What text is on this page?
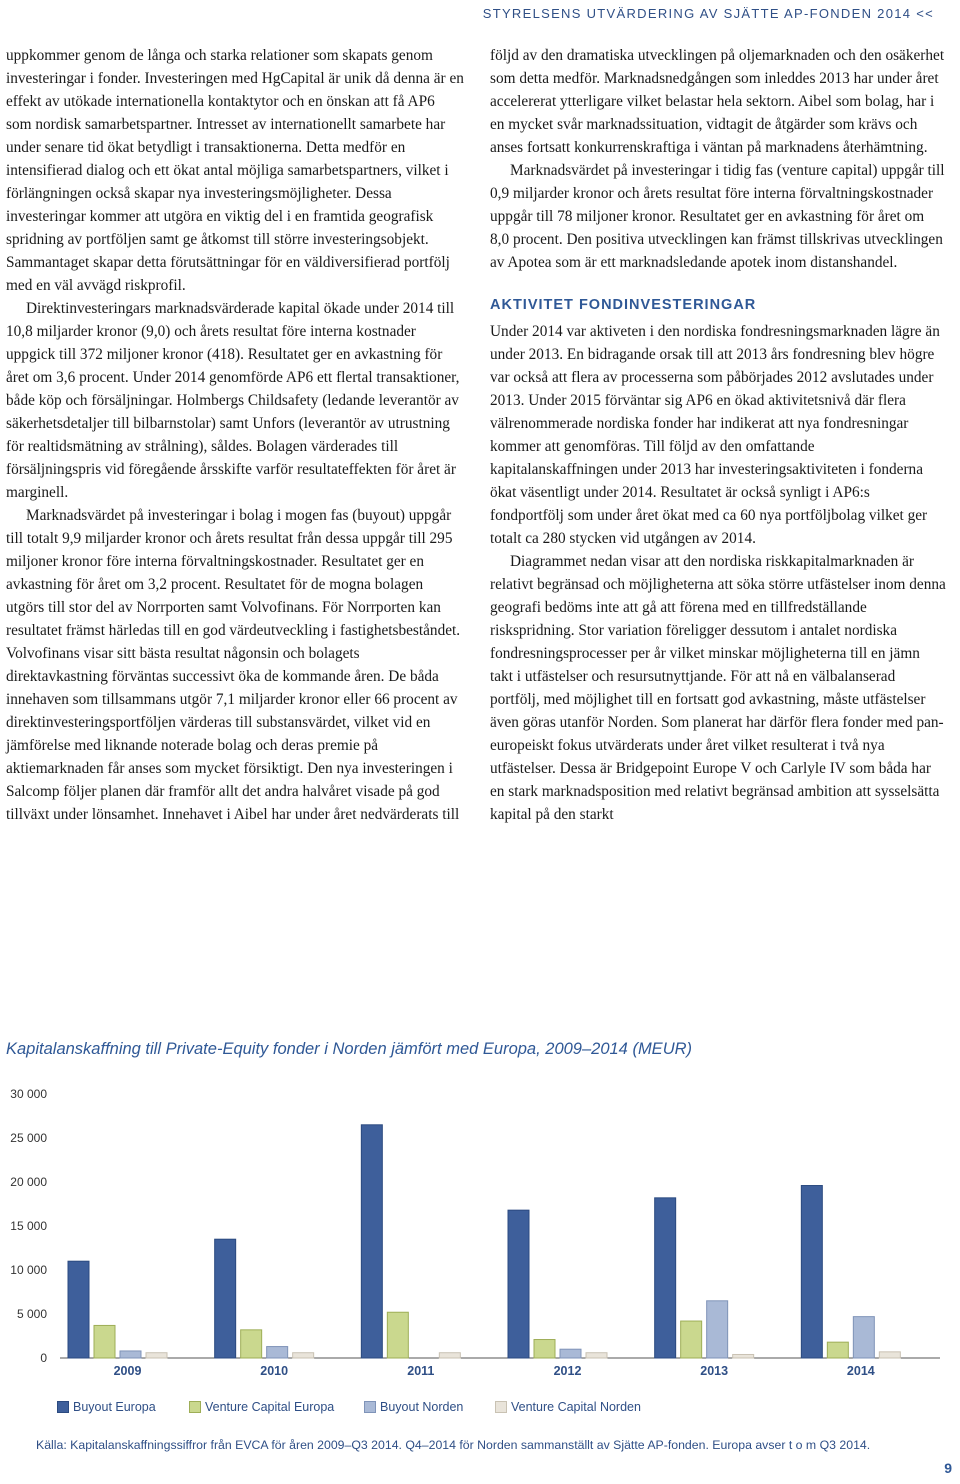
STYRELSENS UTVÄRDERING AV SJÄTTE AP-FONDEN 2014 <<

uppkommer genom de långa och starka relationer som skapats genom investeringar i fonder. Investeringen med HgCapital är unik då denna är en effekt av utökade internationella kontaktytor och en önskan att få AP6 som nordisk samarbetspartner. Intresset av internationellt samarbete har under senare tid ökat betydligt i transaktionerna. Detta medför en intensifierad dialog och ett ökat antal möjliga samarbetspartners, vilket i förlängningen också skapar nya investeringsmöjligheter. Dessa investeringar kommer att utgöra en viktig del i en framtida geografisk spridning av portföljen samt ge åtkomst till större investeringsobjekt. Sammantaget skapar detta förutsättningar för en väldiversifierad portfölj med en väl avvägd riskprofil.

Direktinvesteringars marknadsvärderade kapital ökade under 2014 till 10,8 miljarder kronor (9,0) och årets resultat före interna kostnader uppgick till 372 miljoner kronor (418). Resultatet ger en avkastning för året om 3,6 procent. Under 2014 genomförde AP6 ett flertal transaktioner, både köp och försäljningar. Holmbergs Childsafety (ledande leverantör av säkerhetsdetaljer till bilbarnstolar) samt Unfors (leverantör av utrustning för realtidsmätning av strålning), såldes. Bolagen värderades till försäljningspris vid föregående årsskifte varför resultateffekten för året är marginell.

Marknadsvärdet på investeringar i bolag i mogen fas (buyout) uppgår till totalt 9,9 miljarder kronor och årets resultat från dessa uppgår till 295 miljoner kronor före interna förvaltningskostnader. Resultatet ger en avkastning för året om 3,2 procent. Resultatet för de mogna bolagen utgörs till stor del av Norrporten samt Volvofinans. För Norrporten kan resultatet främst härledas till en god värdeutveckling i fastighetsbeståndet. Volvofinans visar sitt bästa resultat någonsin och bolagets direktavkastning förväntas successivt öka de kommande åren. De båda innehaven som tillsammans utgör 7,1 miljarder kronor eller 66 procent av direktinvesteringsportföljen värderas till substansvärdet, vilket vid en jämförelse med liknande noterade bolag och deras premie på aktiemarknaden får anses som mycket försiktigt. Den nya investeringen i Salcomp följer planen där framför allt det andra halvåret visade på god tillväxt under lönsamhet. Innehavet i Aibel har under året nedvärderats till

följd av den dramatiska utvecklingen på oljemarknaden och den osäkerhet som detta medför. Marknadsnedgången som inleddes 2013 har under året accelererat ytterligare vilket belastar hela sektorn. Aibel som bolag, har i en mycket svår marknadssituation, vidtagit de åtgärder som krävs och anses fortsatt konkurrenskraftiga i väntan på marknadens återhämtning.

Marknadsvärdet på investeringar i tidig fas (venture capital) uppgår till 0,9 miljarder kronor och årets resultat före interna förvaltningskostnader uppgår till 78 miljoner kronor. Resultatet ger en avkastning för året om 8,0 procent. Den positiva utvecklingen kan främst tillskrivas utvecklingen av Apotea som är ett marknadsledande apotek inom distanshandel.

AKTIVITET FONDINVESTERINGAR

Under 2014 var aktiveten i den nordiska fondresningsmarknaden lägre än under 2013. En bidragande orsak till att 2013 års fondresning blev högre var också att flera av processerna som påbörjades 2012 avslutades under 2013. Under 2015 förväntar sig AP6 en ökad aktivitetsnivå där flera välrenommerade nordiska fonder har indikerat att nya fondresningar kommer att genomföras. Till följd av den omfattande kapitalanskaffningen under 2013 har investeringsaktiviteten i fonderna ökat väsentligt under 2014. Resultatet är också synligt i AP6:s fondportfölj som under året ökat med ca 60 nya portföljbolag vilket ger totalt ca 280 stycken vid utgången av 2014.

Diagrammet nedan visar att den nordiska riskkapitalmarknaden är relativt begränsad och möjligheterna att söka större utfästelser inom denna geografi bedöms inte att gå att förena med en tillfredställande riskspridning. Stor variation föreligger dessutom i antalet nordiska fondresningsprocesser per år vilket minskar möjligheterna till en jämn takt i utfästelser och resursutnyttjande. För att nå en välbalanserad portfölj, med möjlighet till en fortsatt god avkastning, måste utfästelser även göras utanför Norden. Som planerat har därför flera fonder med pan-europeiskt fokus utvärderats under året vilket resulterat i två nya utfästelser. Dessa är Bridgepoint Europe V och Carlyle IV som båda har en stark marknadsposition med relativt begränsad ambition att sysselsätta kapital på den starkt

Kapitalanskaffning till Private-Equity fonder i Norden jämfört med Europa, 2009–2014 (MEUR)
0
5 000
10 000
15 000
20 000
25 000
30 000
2009	2010	2011	2012	2013	2014
Buyout Europa	Venture Capital Europa	Buyout Norden	Venture Capital Norden
Källa: Kapitalanskaffningssiffror från EVCA för åren 2009–Q3 2014. Q4–2014 för Norden sammanställt av Sjätte AP-fonden. Europa avser t o m Q3 2014.
9
